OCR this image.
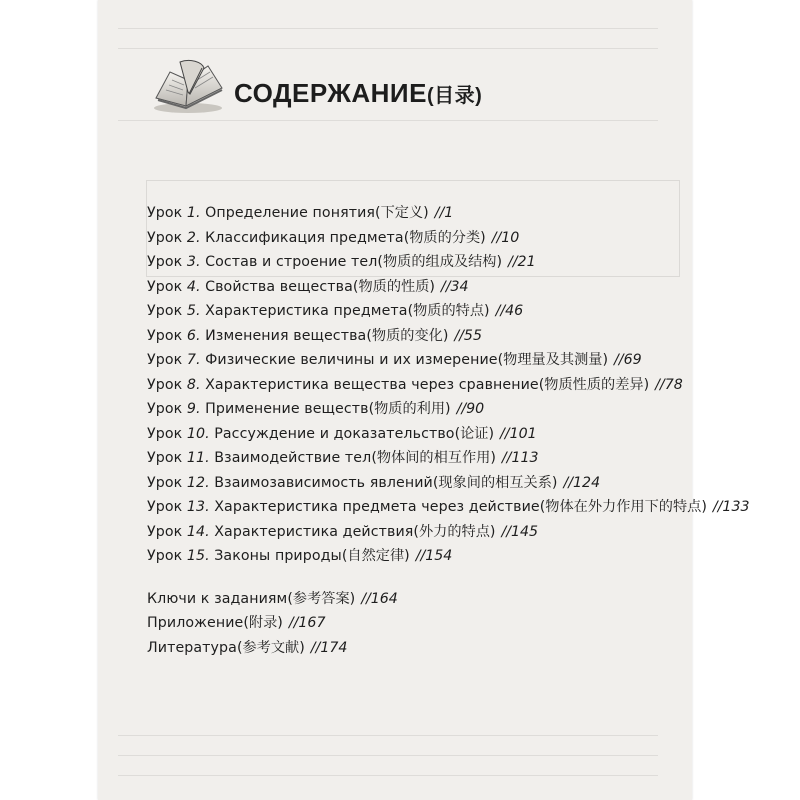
СОДЕРЖАНИЕ(目录)
Урок 1. Определение понятия(下定义) //1
Урок 2. Классификация предмета(物质的分类) //10
Урок 3. Состав и строение тел(物质的组成及结构) //21
Урок 4. Свойства вещества(物质的性质) //34
Урок 5. Характеристика предмета(物质的特点) //46
Урок 6. Изменения вещества(物质的变化) //55
Урок 7. Физические величины и их измерение(物理量及其测量) //69
Урок 8. Характеристика вещества через сравнение(物质性质的差异) //78
Урок 9. Применение веществ(物质的利用) //90
Урок 10. Рассуждение и доказательство(论证) //101
Урок 11. Взаимодействие тел(物体间的相互作用) //113
Урок 12. Взаимозависимость явлений(现象间的相互关系) //124
Урок 13. Характеристика предмета через действие(物体在外力作用下的特点) //133
Урок 14. Характеристика действия(外力的特点) //145
Урок 15. Законы природы(自然定律) //154
Ключи к заданиям(参考答案) //164
Приложение(附录) //167
Литература(参考文献) //174
